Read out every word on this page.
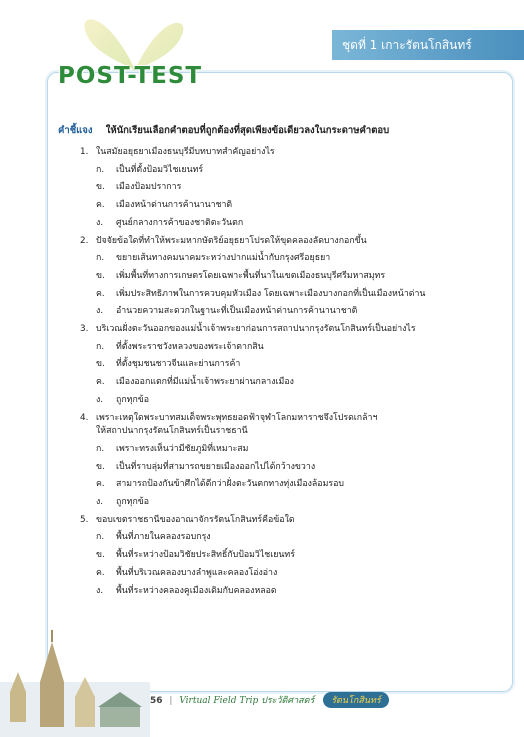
ชุดที่ 1 เกาะรัตนโกสินทร์
POST-TEST
คำชี้แจง ให้นักเรียนเลือกคำตอบที่ถูกต้องที่สุดเพียงข้อเดียวลงในกระดาษคำตอบ
1. ในสมัยอยุธยาเมืองธนบุรีมีบทบาทสำคัญอย่างไร
ก. เป็นที่ตั้งป้อมวิไชเยนทร์
ข. เมืองป้อมปราการ
ค. เมืองหน้าด่านการค้านานาชาติ
ง. ศูนย์กลางการค้าของชาติตะวันตก
2. ปัจจัยข้อใดที่ทำให้พระมหากษัตริย์อยุธยาโปรดให้ขุดคลองลัดบางกอกขึ้น
ก. ขยายเส้นทางคมนาคมระหว่างปากแม่น้ำกับกรุงศรีอยุธยา
ข. เพิ่มพื้นที่ทางการเกษตรโดยเฉพาะพื้นที่นาในเขตเมืองธนบุรีศรีมหาสมุทร
ค. เพิ่มประสิทธิภาพในการควบคุมหัวเมือง โดยเฉพาะเมืองบางกอกที่เป็นเมืองหน้าด่าน
ง. อำนวยความสะดวกในฐานะที่เป็นเมืองหน้าด่านการค้านานาชาติ
3. บริเวณฝั่งตะวันออกของแม่น้ำเจ้าพระยาก่อนการสถาปนากรุงรัตนโกสินทร์เป็นอย่างไร
ก. ที่ตั้งพระราชวังหลวงของพระเจ้าตากสิน
ข. ที่ตั้งชุมชนชาวจีนและย่านการค้า
ค. เมืองออกแตกที่มีแม่น้ำเจ้าพระยาผ่านกลางเมือง
ง. ถูกทุกข้อ
4. เพราะเหตุใดพระบาทสมเด็จพระพุทธยอดฟ้าจุฬาโลกมหาราชจึงโปรดเกล้าฯ
ให้สถาปนากรุงรัตนโกสินทร์เป็นราชธานี
ก. เพราะทรงเห็นว่ามีชัยภูมิที่เหมาะสม
ข. เป็นที่ราบลุ่มที่สามารถขยายเมืองออกไปได้กว้างขวาง
ค. สามารถป้องกันข้าศึกได้ดีกว่าฝั่งตะวันตกทางทุ่งเมืองล้อมรอบ
ง. ถูกทุกข้อ
5. ขอบเขตราชธานีของอาณาจักรรัตนโกสินทร์คือข้อใด
ก. พื้นที่ภายในคลองรอบกรุง
ข. พื้นที่ระหว่างป้อมวิชัยประสิทธิ์กับป้อมวิไชเยนทร์
ค. พื้นที่บริเวณคลองบางลำพูและคลองโอ่งอ่าง
ง. พื้นที่ระหว่างคลองคูเมืองเดิมกับคลองหลอด
56 | Virtual Field Trip ประวัติศาสตร์ รัตนโกสินทร์
